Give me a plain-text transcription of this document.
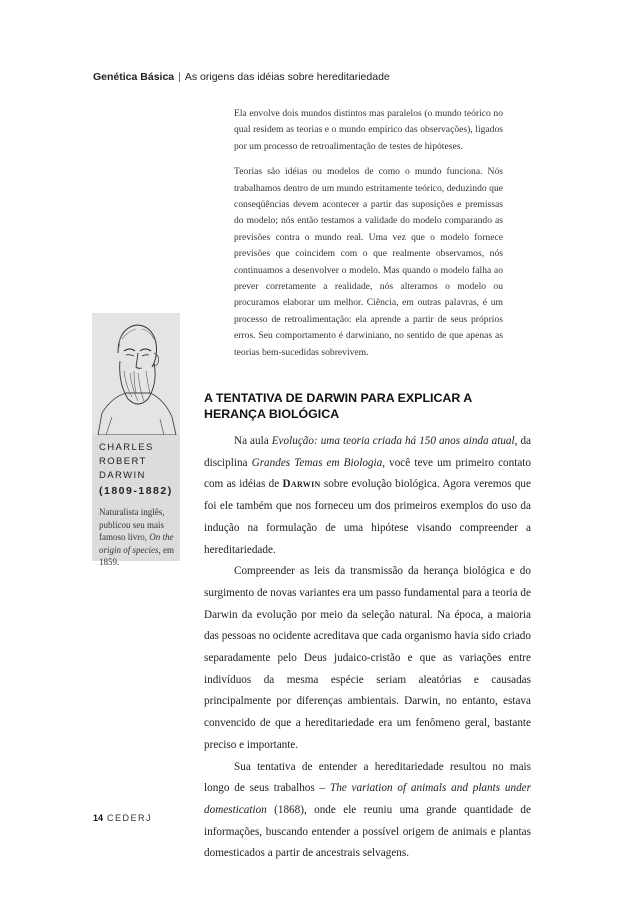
Genética Básica | As origens das idéias sobre hereditariedade

Ela envolve dois mundos distintos mas paralelos (o mundo teórico no qual residem as teorias e o mundo empírico das observações), ligados por um processo de retroalimentação de testes de hipóteses.

Teorias são idéias ou modelos de como o mundo funciona. Nós trabalhamos dentro de um mundo estritamente teórico, deduzindo que conseqüências devem acontecer a partir das suposições e premissas do modelo; nós então testamos a validade do modelo comparando as previsões contra o mundo real. Uma vez que o modelo fornece previsões que coincidem com o que realmente observamos, nós continuamos a desenvolver o modelo. Mas quando o modelo falha ao prever corretamente a realidade, nós alteramos o modelo ou procuramos elaborar um melhor. Ciência, em outras palavras, é um processo de retroalimentação: ela aprende a partir de seus próprios erros. Seu comportamento é darwiniano, no sentido de que apenas as teorias bem-sucedidas sobrevivem.

CHARLES
ROBERT DARWIN
(1809-1882)
Naturalista inglês, publicou seu mais famoso livro, On the origin of species, em 1859.
A TENTATIVA DE DARWIN PARA EXPLICAR A HERANÇA BIOLÓGICA

Na aula Evolução: uma teoria criada há 150 anos ainda atual, da disciplina Grandes Temas em Biologia, você teve um primeiro contato com as idéias de Darwin sobre evolução biológica. Agora veremos que foi ele também que nos forneceu um dos primeiros exemplos do uso da indução na formulação de uma hipótese visando compreender a hereditariedade.

Compreender as leis da transmissão da herança biológica e do surgimento de novas variantes era um passo fundamental para a teoria de Darwin da evolução por meio da seleção natural. Na época, a maioria das pessoas no ocidente acreditava que cada organismo havia sido criado separadamente pelo Deus judaico-cristão e que as variações entre indivíduos da mesma espécie seriam aleatórias e causadas principalmente por diferenças ambientais. Darwin, no entanto, estava convencido de que a hereditariedade era um fenômeno geral, bastante preciso e importante.

Sua tentativa de entender a hereditariedade resultou no mais longo de seus trabalhos – The variation of animals and plants under domestication (1868), onde ele reuniu uma grande quantidade de informações, buscando entender a possível origem de animais e plantas domesticados a partir de ancestrais selvagens.

14 CEDERJ
